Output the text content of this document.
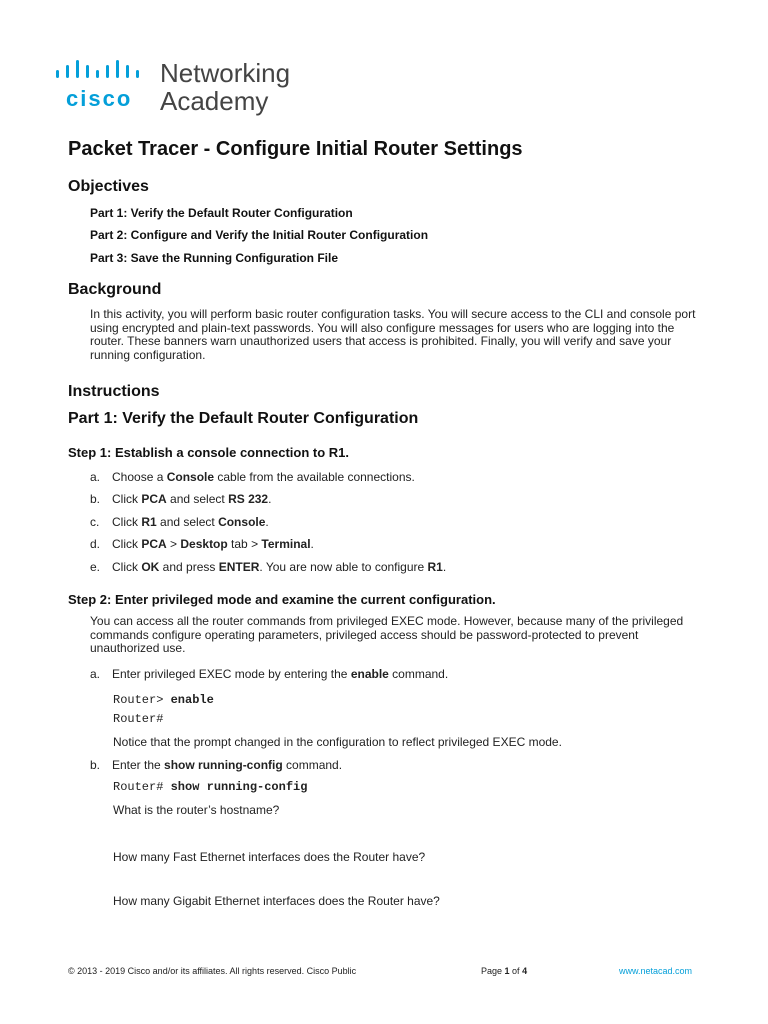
cisco
Networking
Academy
Packet Tracer - Configure Initial Router Settings
Objectives
Part 1: Verify the Default Router Configuration
Part 2: Configure and Verify the Initial Router Configuration
Part 3: Save the Running Configuration File
Background
In this activity, you will perform basic router configuration tasks. You will secure access to the CLI and console port using encrypted and plain-text passwords. You will also configure messages for users who are logging into the router. These banners warn unauthorized users that access is prohibited. Finally, you will verify and save your running configuration.
Instructions
Part 1: Verify the Default Router Configuration
Step 1: Establish a console connection to R1.
a. Choose a Console cable from the available connections.
b. Click PCA and select RS 232.
c. Click R1 and select Console.
d. Click PCA > Desktop tab > Terminal.
e. Click OK and press ENTER. You are now able to configure R1.
Step 2: Enter privileged mode and examine the current configuration.
You can access all the router commands from privileged EXEC mode. However, because many of the privileged commands configure operating parameters, privileged access should be password-protected to prevent unauthorized use.
a. Enter privileged EXEC mode by entering the enable command.
Router> enable
Router#
Notice that the prompt changed in the configuration to reflect privileged EXEC mode.
b. Enter the show running-config command.
Router# show running-config
What is the router’s hostname?
How many Fast Ethernet interfaces does the Router have?
How many Gigabit Ethernet interfaces does the Router have?
© 2013 - 2019 Cisco and/or its affiliates. All rights reserved. Cisco Public	Page 1 of 4	www.netacad.com
